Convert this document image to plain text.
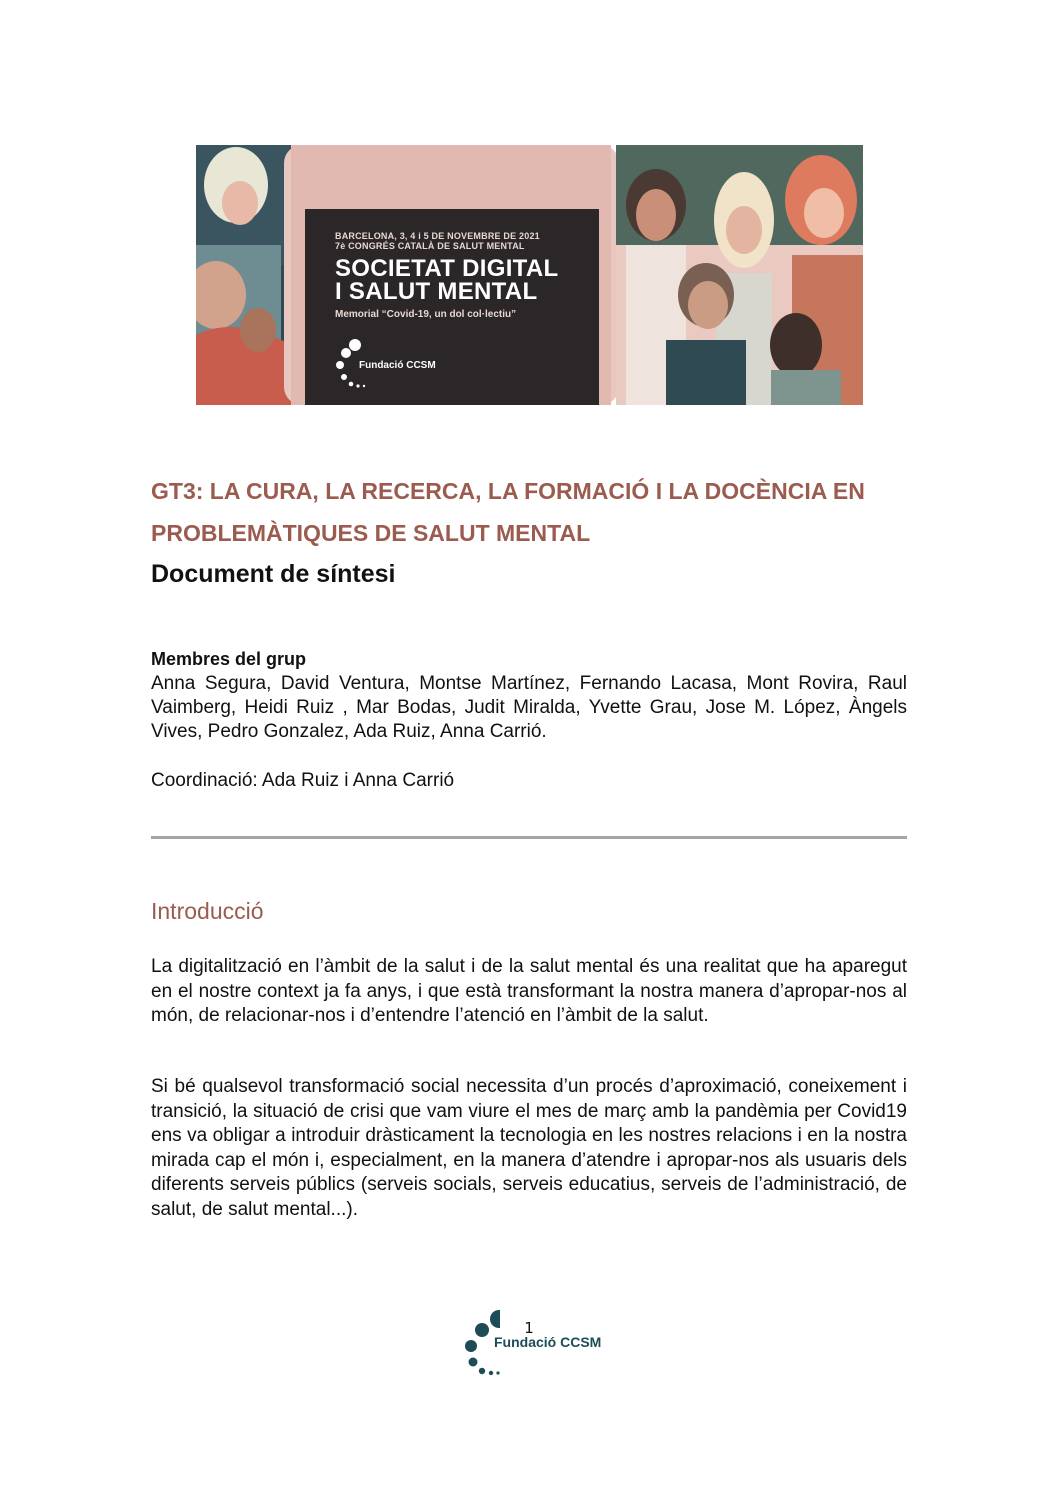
BARCELONA, 3, 4 i 5 DE NOVEMBRE DE 2021
7è CONGRÉS CATALÀ DE SALUT MENTAL
SOCIETAT DIGITAL
I SALUT MENTAL
Memorial “Covid-19, un dol col·lectiu”
Fundació CCSM
GT3: LA CURA, LA RECERCA, LA FORMACIÓ I LA DOCÈNCIA EN PROBLEMÀTIQUES DE SALUT MENTAL
Document de síntesi

Membres del grup

Anna Segura, David Ventura, Montse Martínez, Fernando Lacasa, Mont Rovira, Raul Vaimberg, Heidi Ruiz , Mar Bodas, Judit Miralda, Yvette Grau, Jose M. López, Àngels Vives, Pedro Gonzalez, Ada Ruiz, Anna Carrió.

Coordinació: Ada Ruiz i Anna Carrió

Introducció

La digitalització en l’àmbit de la salut i de la salut mental és una realitat que ha aparegut en el nostre context ja fa anys, i que està transformant la nostra manera d’apropar-nos al món, de relacionar-nos i d’entendre l’atenció en l’àmbit de la salut.

Si bé qualsevol transformació social necessita d’un procés d’aproximació, coneixement i transició, la situació de crisi que vam viure el mes de març amb la pandèmia per Covid19 ens va obligar a introduir dràsticament la tecnologia en les nostres relacions i en la nostra mirada cap el món i, especialment, en la manera d’atendre i apropar-nos als usuaris dels diferents serveis públics (serveis socials, serveis educatius, serveis de l’administració, de salut, de salut mental...).

1
Fundació CCSM
